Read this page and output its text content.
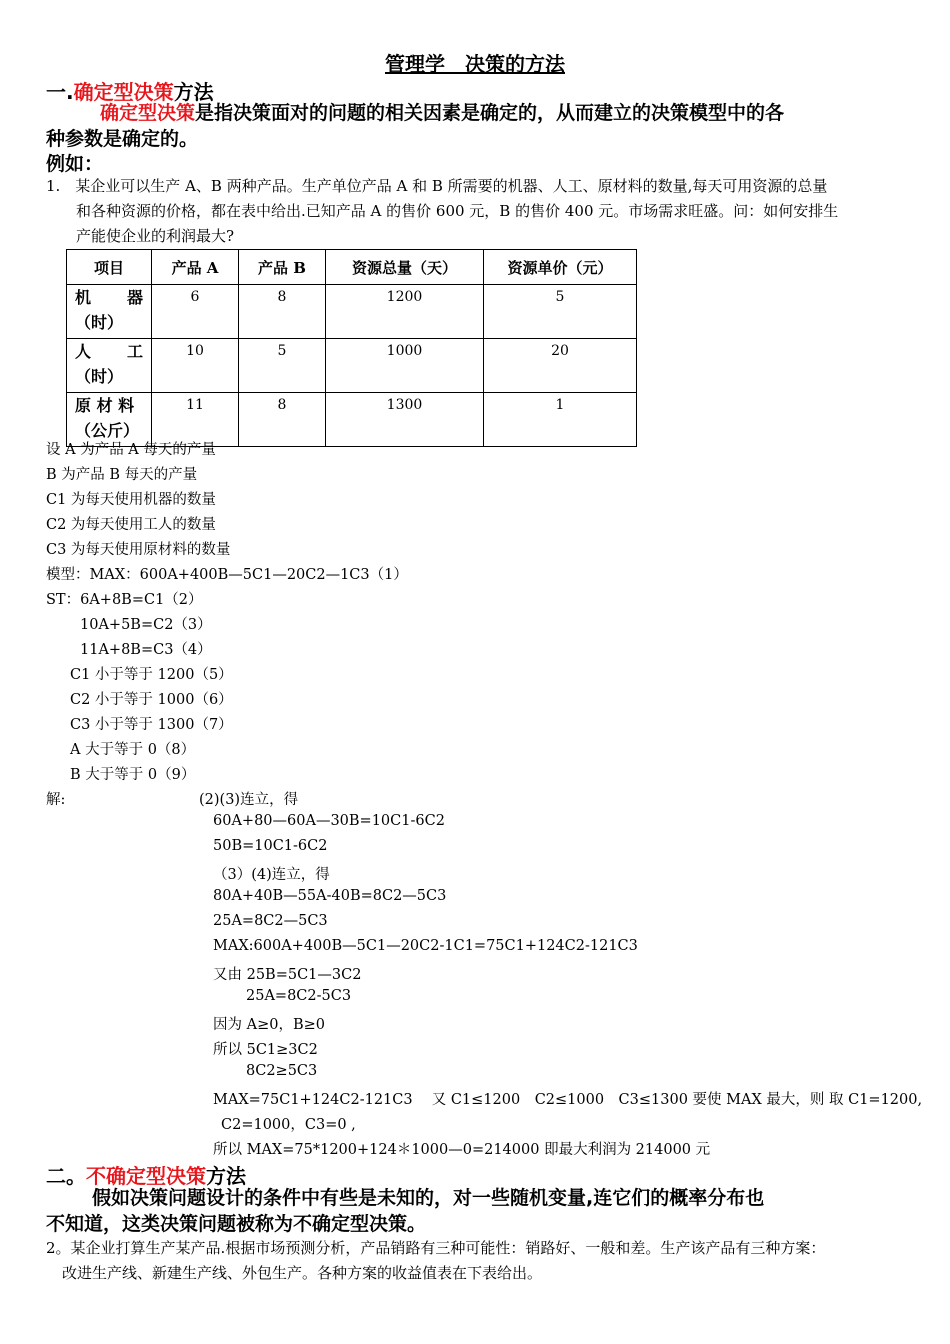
管理学　决策的方法
一.确定型决策方法
确定型决策是指决策面对的问题的相关因素是确定的，从而建立的决策模型中的各
种参数是确定的。
例如：
1.　某企业可以生产 A、B 两种产品。生产单位产品 A 和 B 所需要的机器、人工、原材料的数量,每天可用资源的总量
和各种资源的价格，都在表中给出.已知产品 A 的售价 600 元，B 的售价 400 元。市场需求旺盛。问：如何安排生
产能使企业的利润最大?
项目	产品 A	产品 B	资源总量（天）	资源单价（元）

机 器
（时）	6	8	1200	5

人 工
（时）	10	5	1000	20

原 材 料
（公斤）	11	8	1300	1
设 A 为产品 A 每天的产量
B 为产品 B 每天的产量
C1 为每天使用机器的数量
C2 为每天使用工人的数量
C3 为每天使用原材料的数量
模型：MAX：600A+400B—5C1—20C2—1C3（1）
ST：6A+8B=C1（2）
10A+5B=C2（3）
11A+8B=C3（4）
C1 小于等于 1200（5）
C2 小于等于 1000（6）
C3 小于等于 1300（7）
A 大于等于 0（8）
B 大于等于 0（9）
解:	(2)(3)连立，得
60A+80—60A—30B=10C1-6C2
50B=10C1-6C2
（3）(4)连立，得
80A+40B—55A-40B=8C2—5C3
25A=8C2—5C3
MAX:600A+400B—5C1—20C2-1C1=75C1+124C2-121C3
又由 25B=5C1—3C2
25A=8C2-5C3
因为 A≥0，B≥0
所以 5C1≥3C2
8C2≥5C3
MAX=75C1+124C2-121C3　 又 C1≤1200　C2≤1000　C3≤1300 要使 MAX 最大，则 取 C1=1200,
C2=1000，C3=0 ,
所以 MAX=75*1200+124＊1000—0=214000 即最大利润为 214000 元
二。不确定型决策方法
假如决策问题设计的条件中有些是未知的，对一些随机变量,连它们的概率分布也
不知道，这类决策问题被称为不确定型决策。
2。某企业打算生产某产品.根据市场预测分析，产品销路有三种可能性：销路好、一般和差。生产该产品有三种方案：
改进生产线、新建生产线、外包生产。各种方案的收益值表在下表给出。
